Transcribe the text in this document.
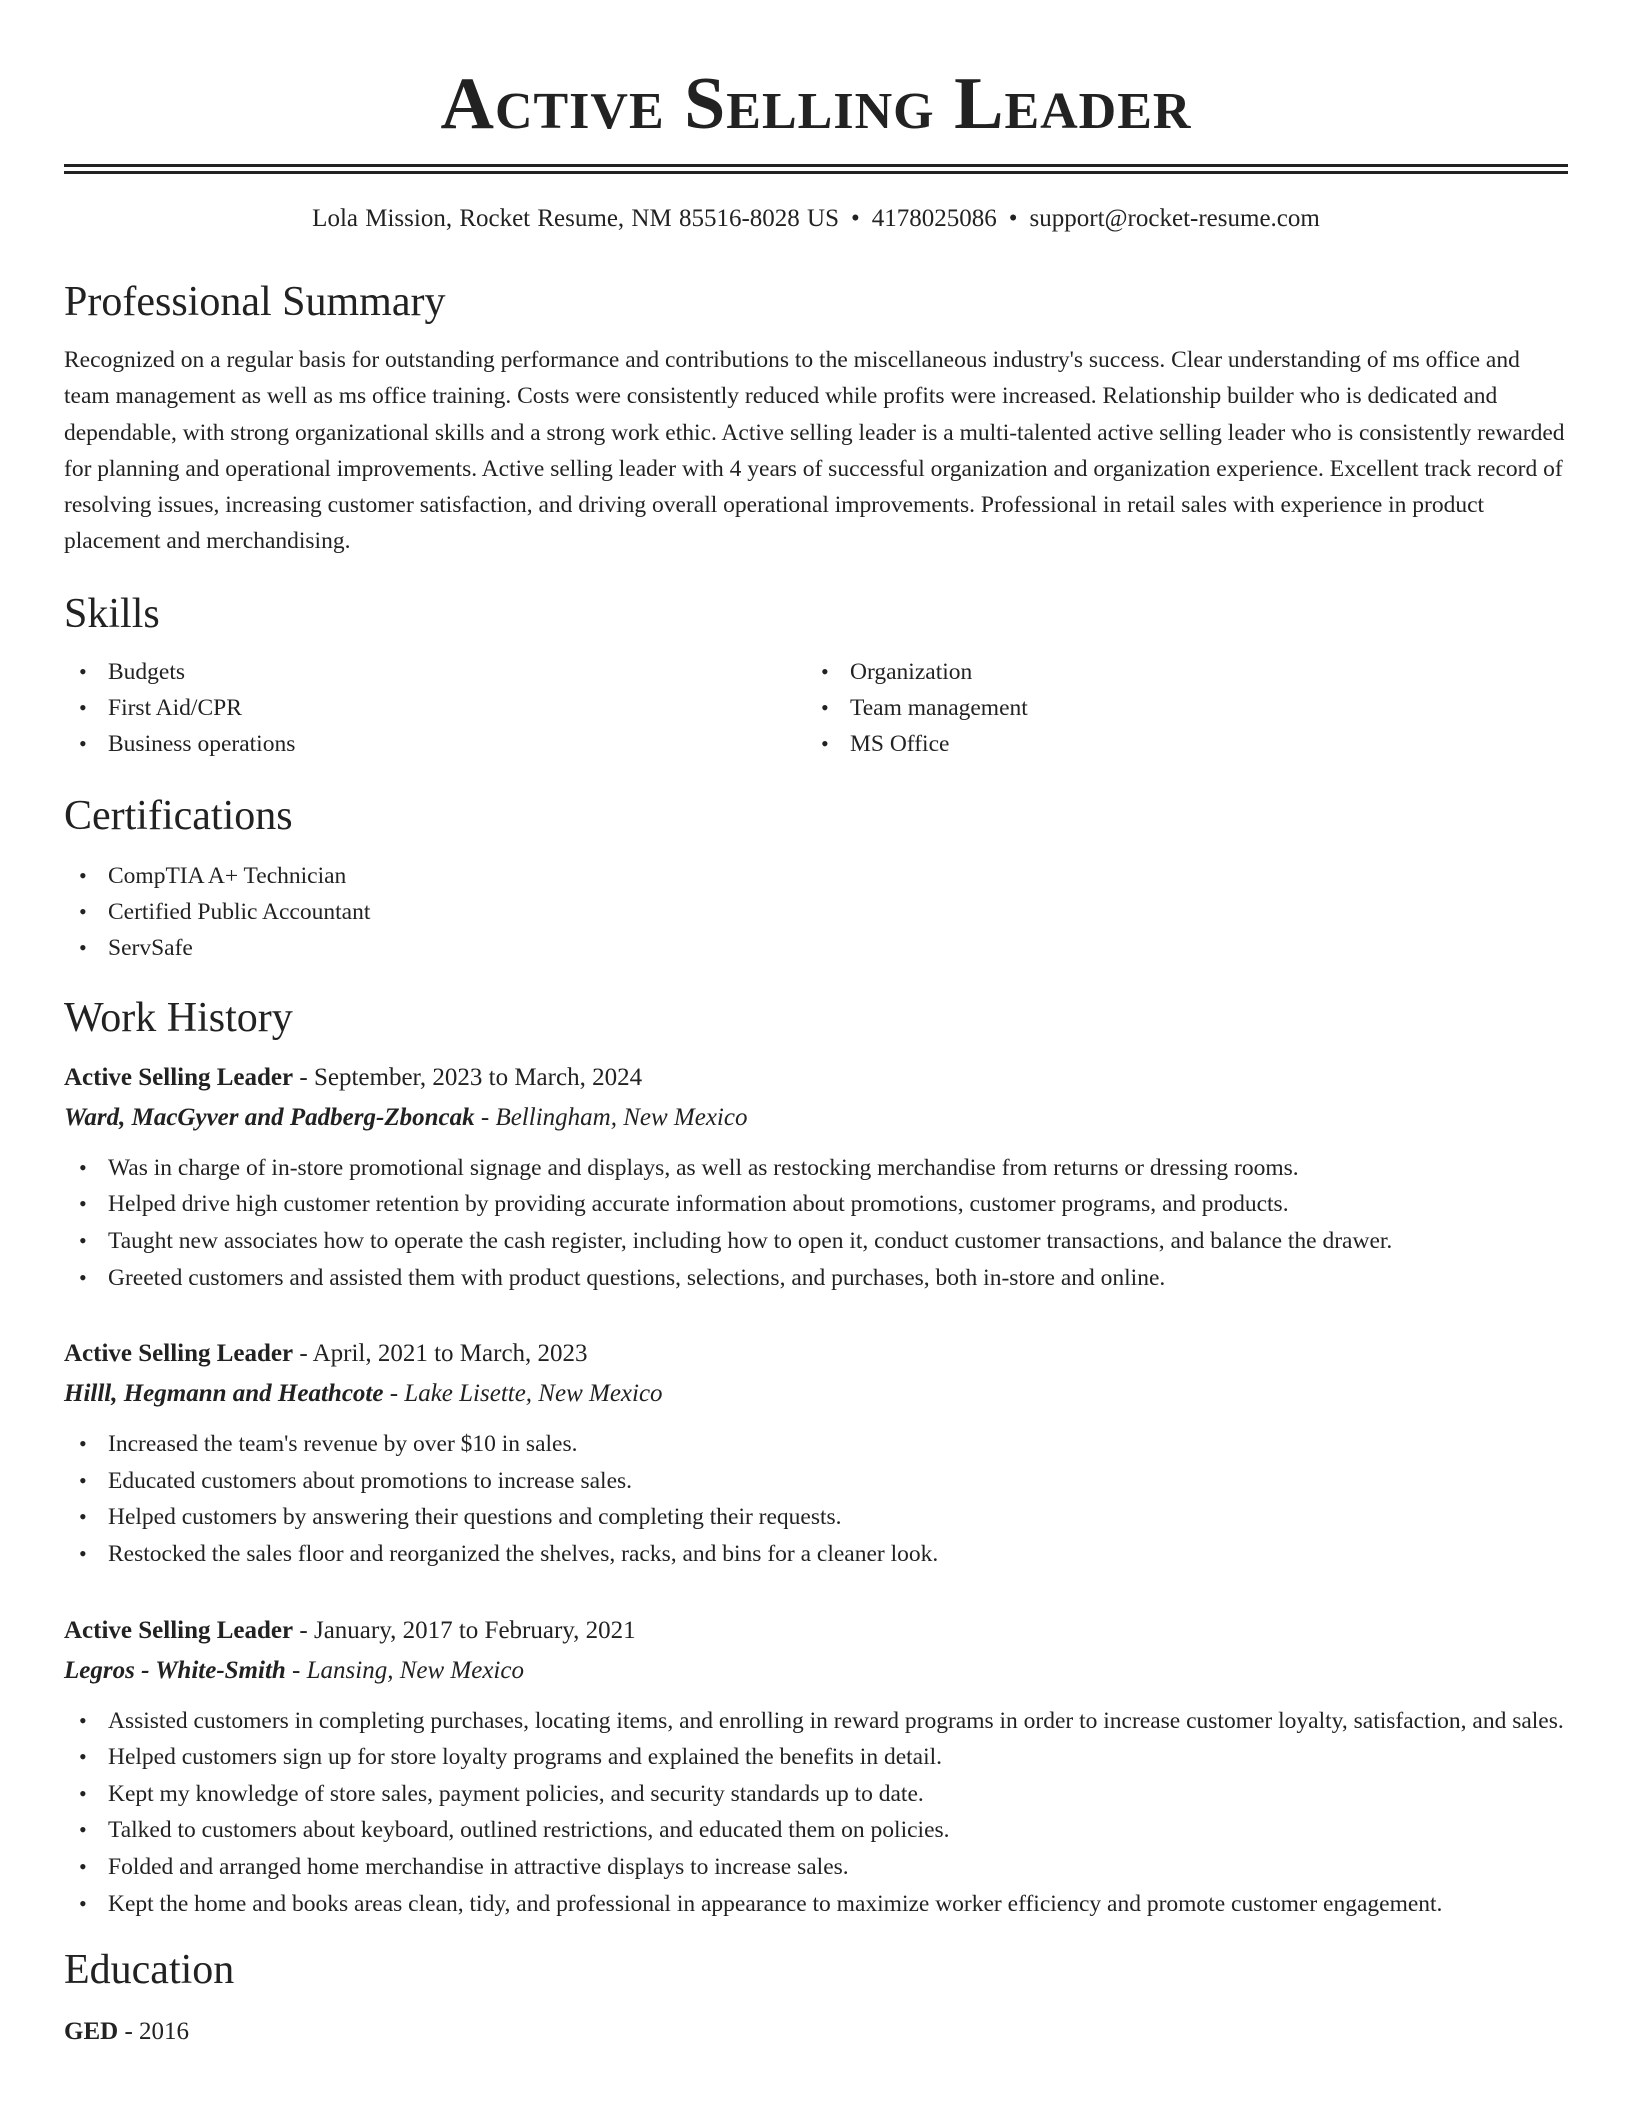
Active Selling Leader
Lola Mission, Rocket Resume, NM 85516-8028 US • 4178025086 • support@rocket-resume.com
Professional Summary

Recognized on a regular basis for outstanding performance and contributions to the miscellaneous industry's success. Clear understanding of ms office and team management as well as ms office training. Costs were consistently reduced while profits were increased. Relationship builder who is dedicated and dependable, with strong organizational skills and a strong work ethic. Active selling leader is a multi-talented active selling leader who is consistently rewarded for planning and operational improvements. Active selling leader with 4 years of successful organization and organization experience. Excellent track record of resolving issues, increasing customer satisfaction, and driving overall operational improvements. Professional in retail sales with experience in product placement and merchandising.

Skills
• Budgets
• First Aid/CPR
• Business operations
• Organization
• Team management
• MS Office
Certifications
• CompTIA A+ Technician
• Certified Public Accountant
• ServSafe
Work History
Active Selling Leader - September, 2023 to March, 2024
Ward, MacGyver and Padberg-Zboncak - Bellingham, New Mexico
• Was in charge of in-store promotional signage and displays, as well as restocking merchandise from returns or dressing rooms.
• Helped drive high customer retention by providing accurate information about promotions, customer programs, and products.
• Taught new associates how to operate the cash register, including how to open it, conduct customer transactions, and balance the drawer.
• Greeted customers and assisted them with product questions, selections, and purchases, both in-store and online.
Active Selling Leader - April, 2021 to March, 2023
Hilll, Hegmann and Heathcote - Lake Lisette, New Mexico
• Increased the team's revenue by over $10 in sales.
• Educated customers about promotions to increase sales.
• Helped customers by answering their questions and completing their requests.
• Restocked the sales floor and reorganized the shelves, racks, and bins for a cleaner look.
Active Selling Leader - January, 2017 to February, 2021
Legros - White-Smith - Lansing, New Mexico
• Assisted customers in completing purchases, locating items, and enrolling in reward programs in order to increase customer loyalty, satisfaction, and sales.
• Helped customers sign up for store loyalty programs and explained the benefits in detail.
• Kept my knowledge of store sales, payment policies, and security standards up to date.
• Talked to customers about keyboard, outlined restrictions, and educated them on policies.
• Folded and arranged home merchandise in attractive displays to increase sales.
• Kept the home and books areas clean, tidy, and professional in appearance to maximize worker efficiency and promote customer engagement.
Education
GED - 2016
